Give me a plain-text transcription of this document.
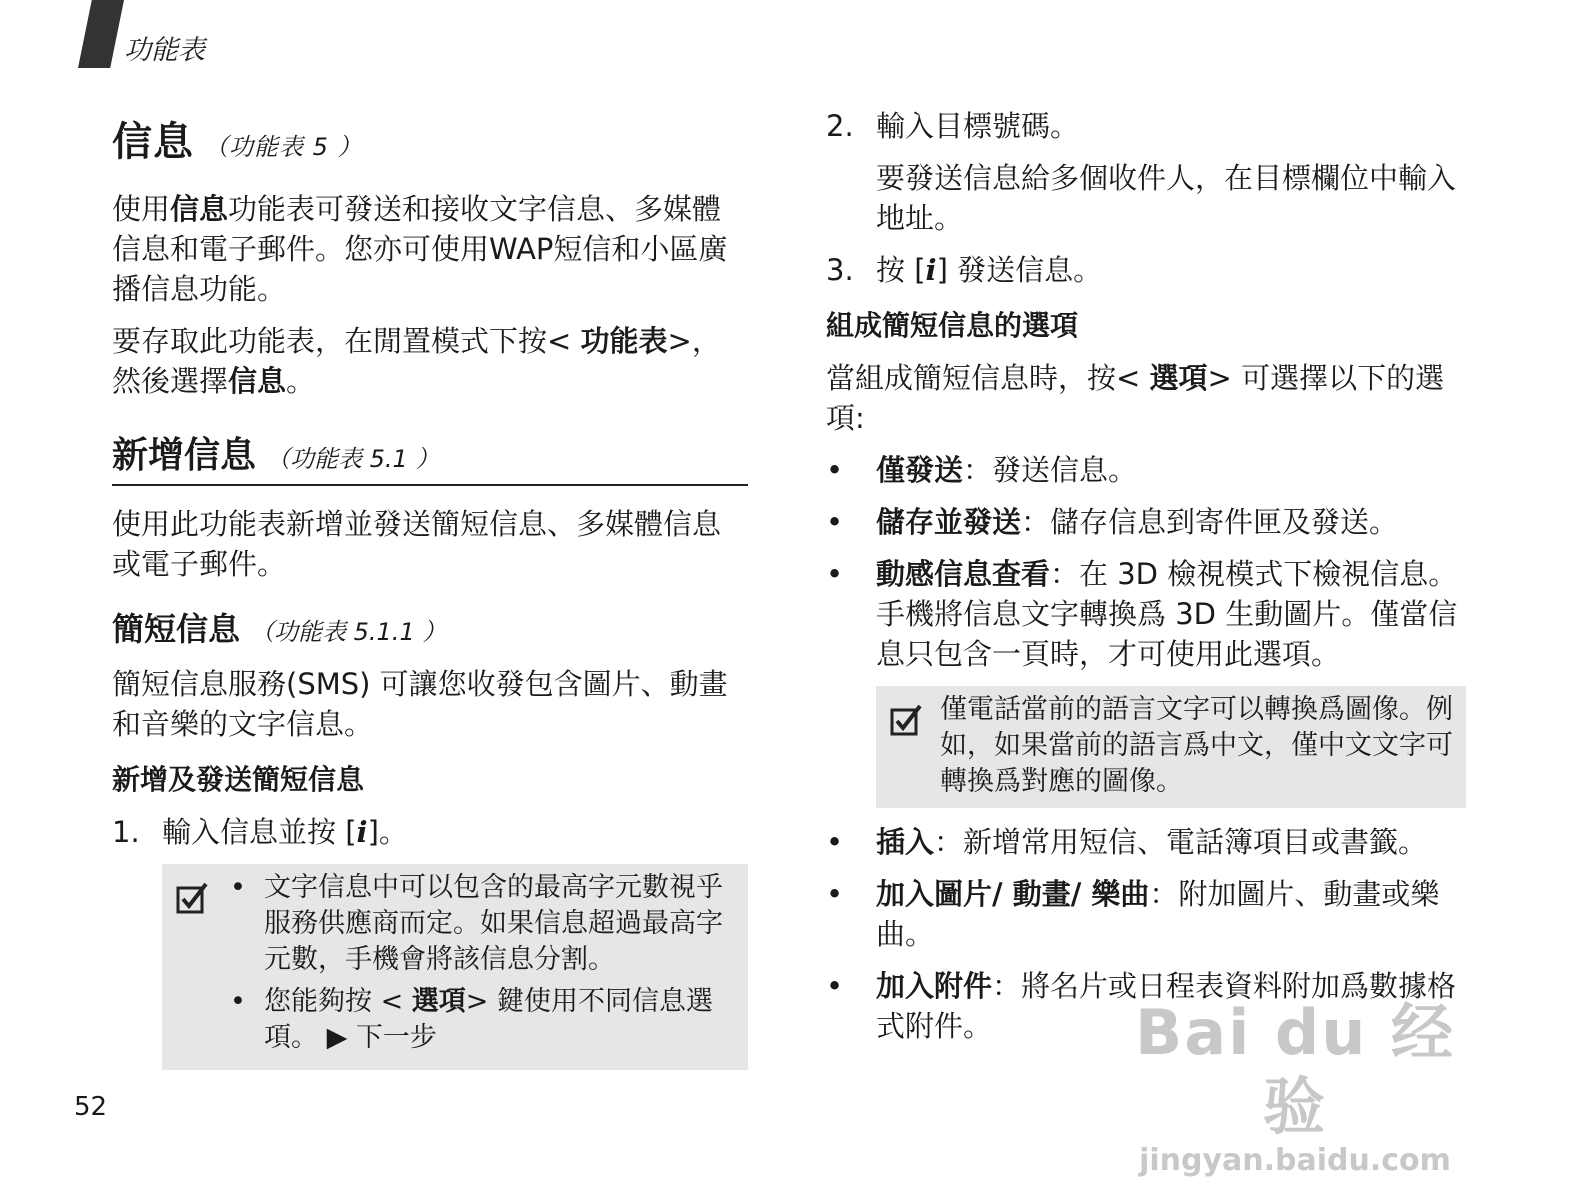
功能表
信息 （功能表 5 ）

使用信息功能表可發送和接收文字信息、多媒體信息和電子郵件。您亦可使用WAP短信和小區廣播信息功能。

要存取此功能表，在閒置模式下按< 功能表>，然後選擇信息。

新增信息 （功能表 5.1 ）

使用此功能表新增並發送簡短信息、多媒體信息或電子郵件。

簡短信息 （功能表 5.1.1 ）

簡短信息服務(SMS) 可讓您收發包含圖片、動畫和音樂的文字信息。

新增及發送簡短信息
1. 輸入信息並按 [i]。
• 文字信息中可以包含的最高字元數視乎服務供應商而定。如果信息超過最高字元數，手機會將該信息分割。
• 您能夠按 < 選項> 鍵使用不同信息選項。 ▶ 下一步
2. 輸入目標號碼。

要發送信息給多個收件人，在目標欄位中輸入地址。

3. 按 [i] 發送信息。
組成簡短信息的選項

當組成簡短信息時，按< 選項> 可選擇以下的選項:

• 僅發送：發送信息。
• 儲存並發送：儲存信息到寄件匣及發送。
• 動感信息查看：在 3D 檢視模式下檢視信息。手機將信息文字轉換爲 3D 生動圖片。僅當信息只包含一頁時，才可使用此選項。
僅電話當前的語言文字可以轉換爲圖像。例如，如果當前的語言爲中文，僅中文文字可轉換爲對應的圖像。
• 插入：新增常用短信、電話簿項目或書籤。
• 加入圖片/ 動畫/ 樂曲：附加圖片、動畫或樂曲。
• 加入附件：將名片或日程表資料附加爲數據格式附件。
52
Bai du 经验
jingyan.baidu.com
